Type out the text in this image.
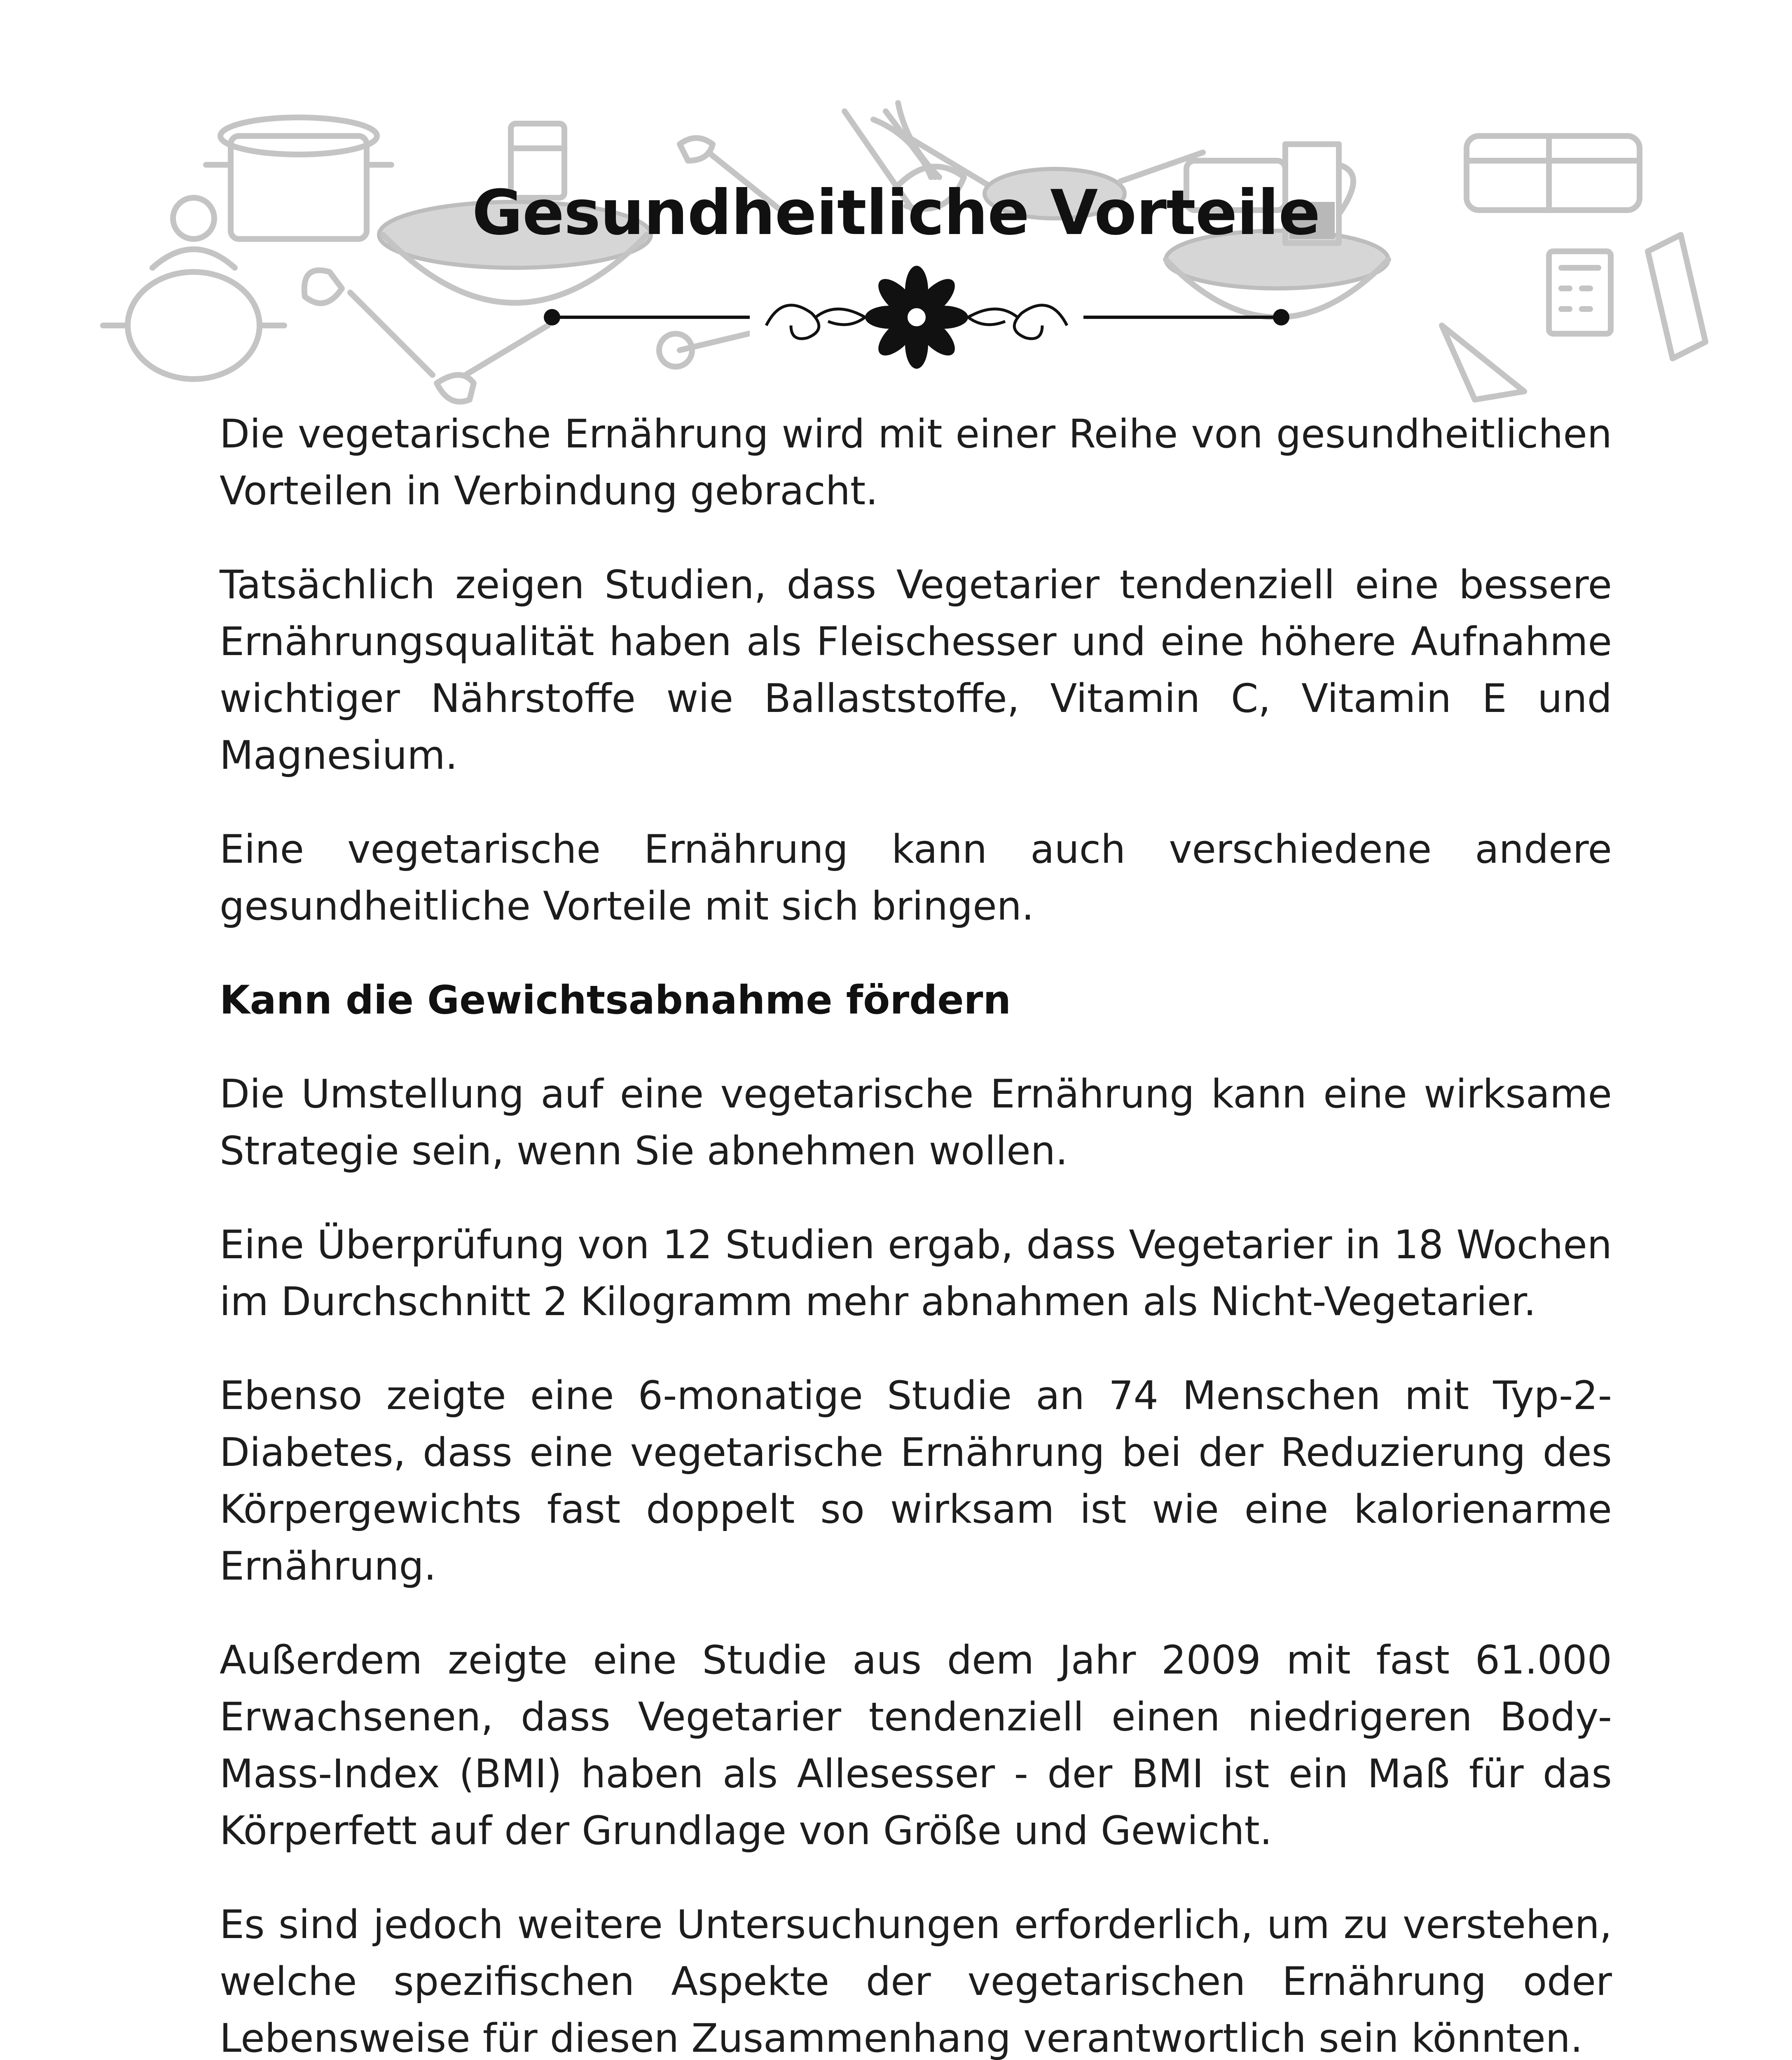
Gesundheitliche Vorteile

Die vegetarische Ernährung wird mit einer Reihe von gesundheitlichen Vorteilen in Verbindung gebracht.

Tatsächlich zeigen Studien, dass Vegetarier tendenziell eine bessere Ernährungsqualität haben als Fleischesser und eine höhere Aufnahme wichtiger Nährstoffe wie Ballaststoffe, Vitamin C, Vitamin E und Magnesium.

Eine vegetarische Ernährung kann auch verschiedene andere gesundheitliche Vorteile mit sich bringen.

Kann die Gewichtsabnahme fördern

Die Umstellung auf eine vegetarische Ernährung kann eine wirksame Strategie sein, wenn Sie abnehmen wollen.

Eine Überprüfung von 12 Studien ergab, dass Vegetarier in 18 Wochen im Durchschnitt 2 Kilogramm mehr abnahmen als Nicht-Vegetarier.

Ebenso zeigte eine 6-monatige Studie an 74 Menschen mit Typ-2-Diabetes, dass eine vegetarische Ernährung bei der Reduzierung des Körpergewichts fast doppelt so wirksam ist wie eine kalorienarme Ernährung.

Außerdem zeigte eine Studie aus dem Jahr 2009 mit fast 61.000 Erwachsenen, dass Vegetarier tendenziell einen niedrigeren Body-Mass-Index (BMI) haben als Allesesser - der BMI ist ein Maß für das Körperfett auf der Grundlage von Größe und Gewicht.

Es sind jedoch weitere Untersuchungen erforderlich, um zu verstehen, welche spezifischen Aspekte der vegetarischen Ernährung oder Lebensweise für diesen Zusammenhang verantwortlich sein könnten.
